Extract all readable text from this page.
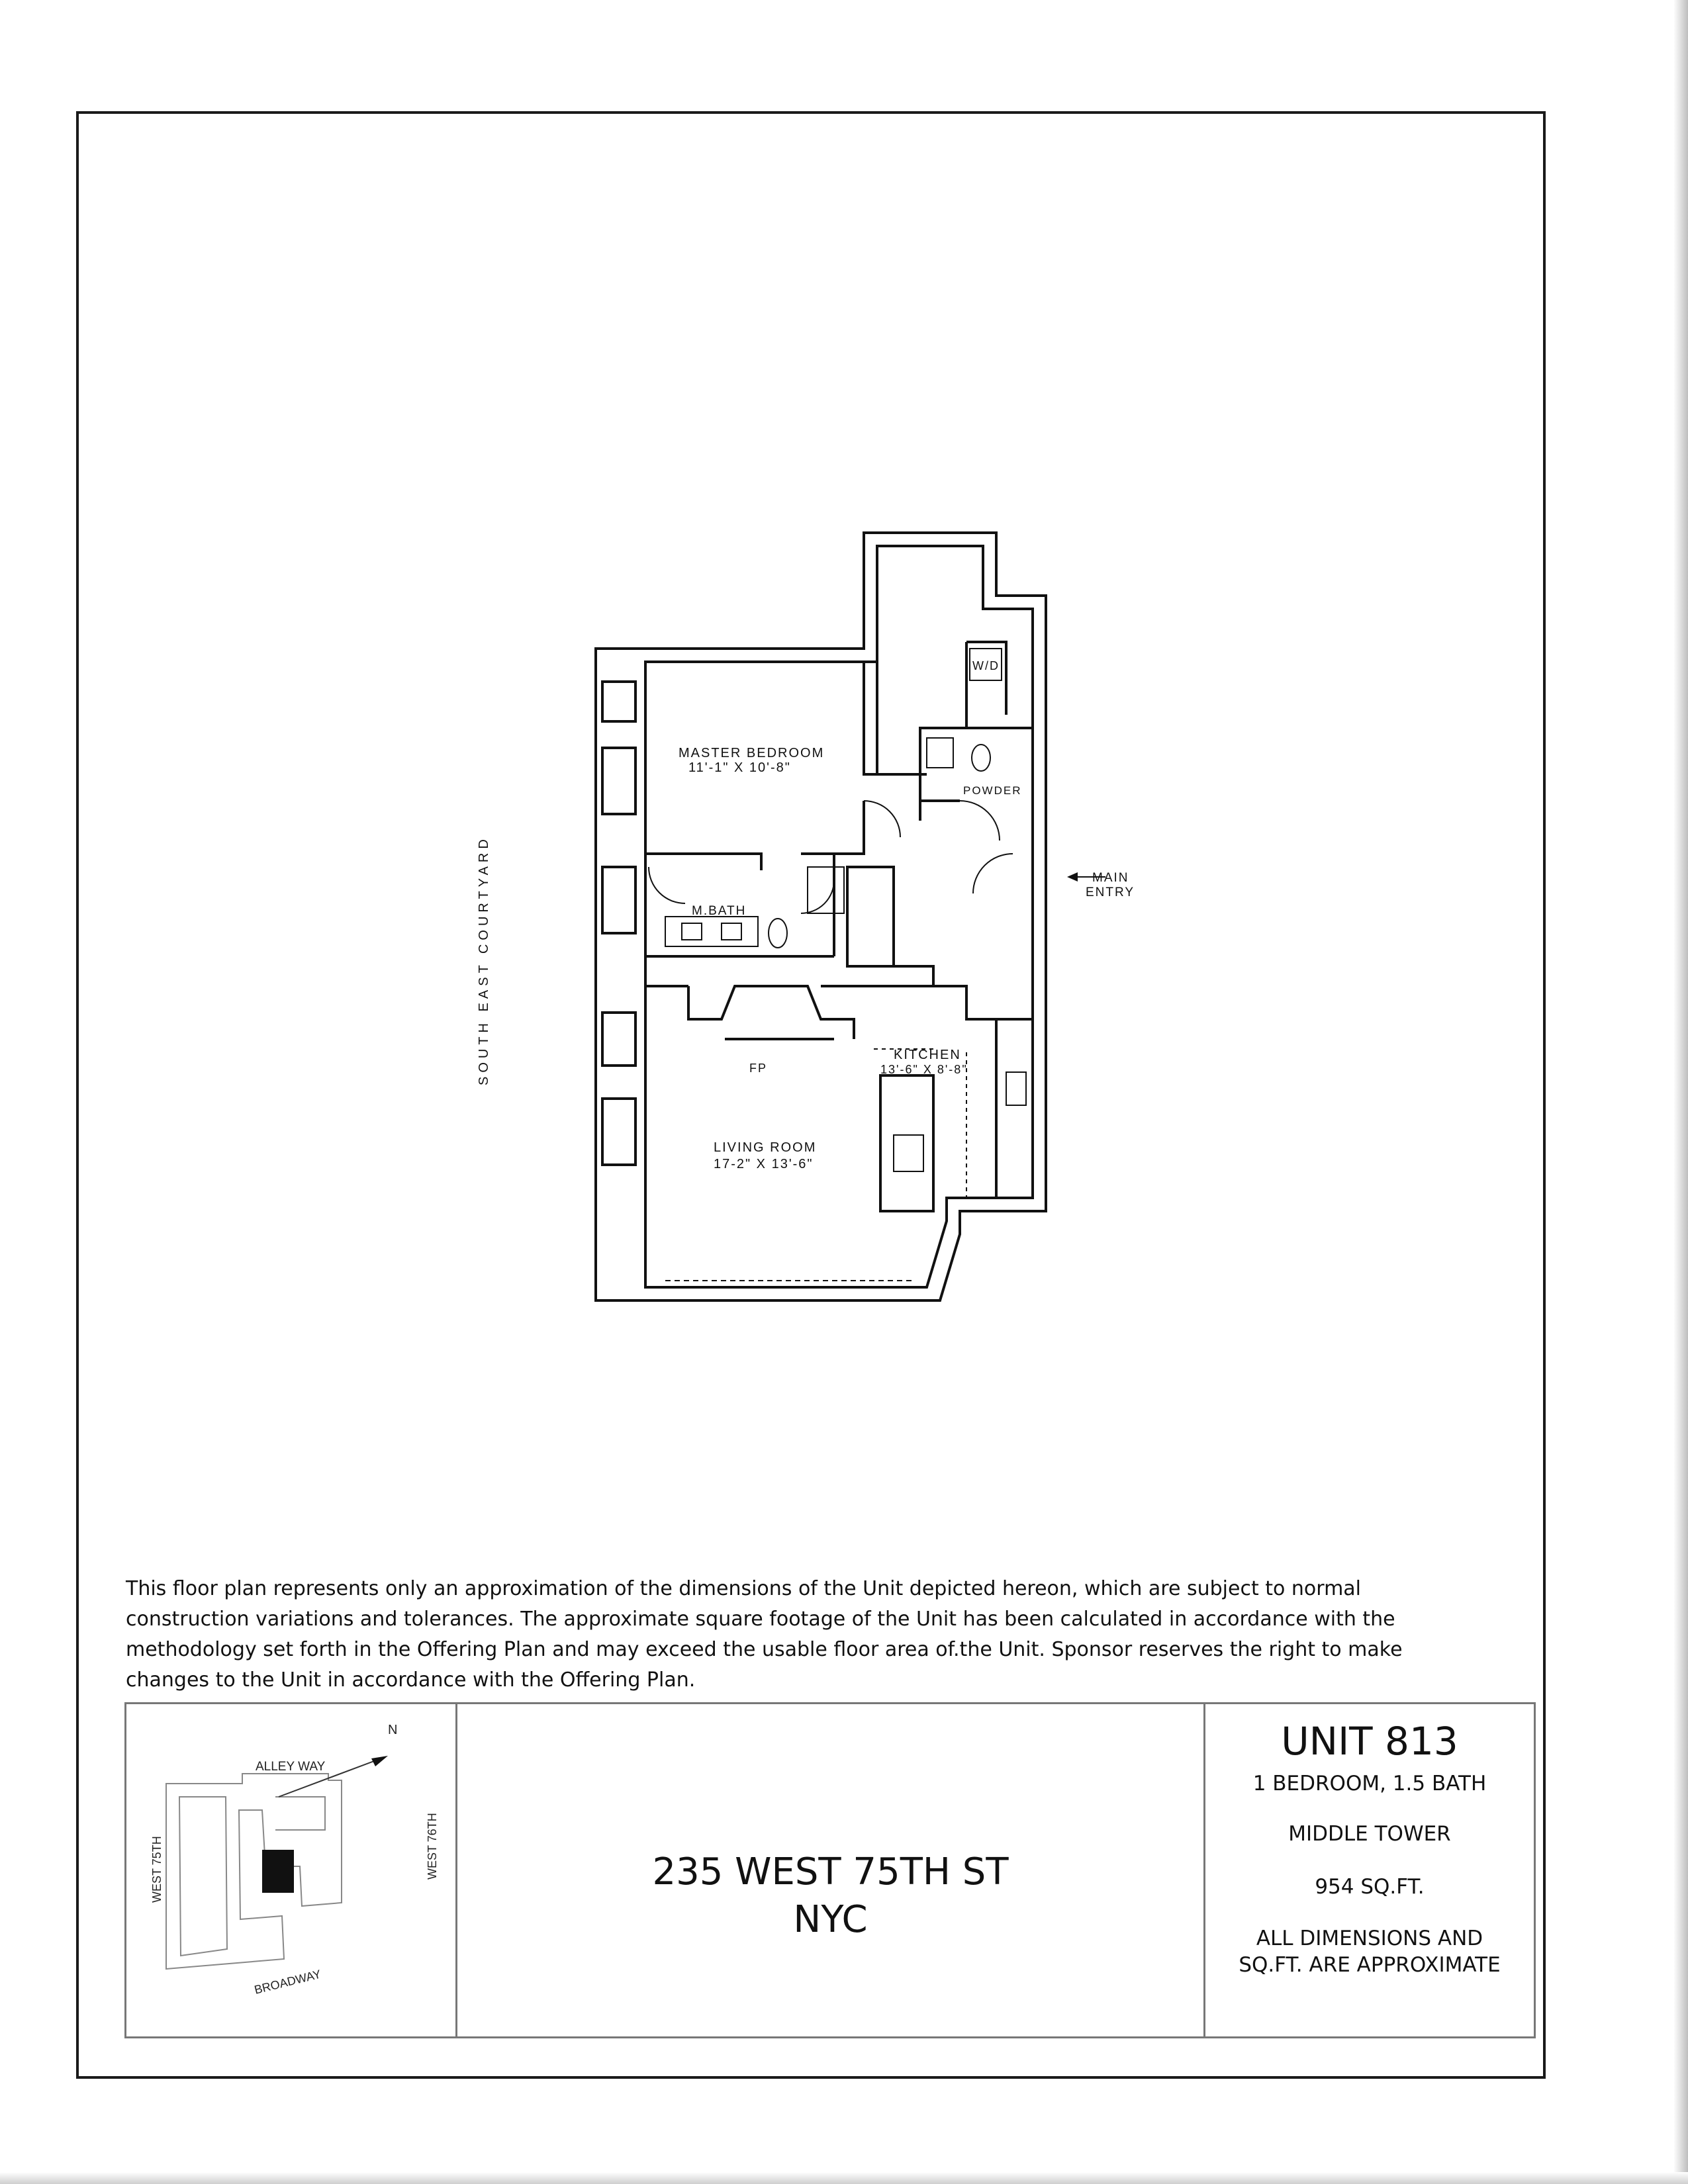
SOUTH EAST COURTYARD
MASTER BEDROOM
11'-1" X 10'-8"
W/D
POWDER
M.BATH
KITCHEN
13'-6" X 8'-8"
FP
LIVING ROOM
17-2" X 13'-6"
MAIN
ENTRY
This floor plan represents only an approximation of the dimensions of the Unit depicted hereon, which are subject to normal construction variations and tolerances. The approximate square footage of the Unit has been calculated in accordance with the methodology set forth in the Offering Plan and may exceed the usable floor area of.the Unit. Sponsor reserves the right to make changes to the Unit in accordance with the Offering Plan.
N
ALLEY WAY
WEST 75TH	WEST 76TH
BROADWAY
235 WEST 75TH ST
NYC
UNIT 813
1 BEDROOM, 1.5 BATH
MIDDLE TOWER
954 SQ.FT.
ALL DIMENSIONS AND
SQ.FT. ARE APPROXIMATE
